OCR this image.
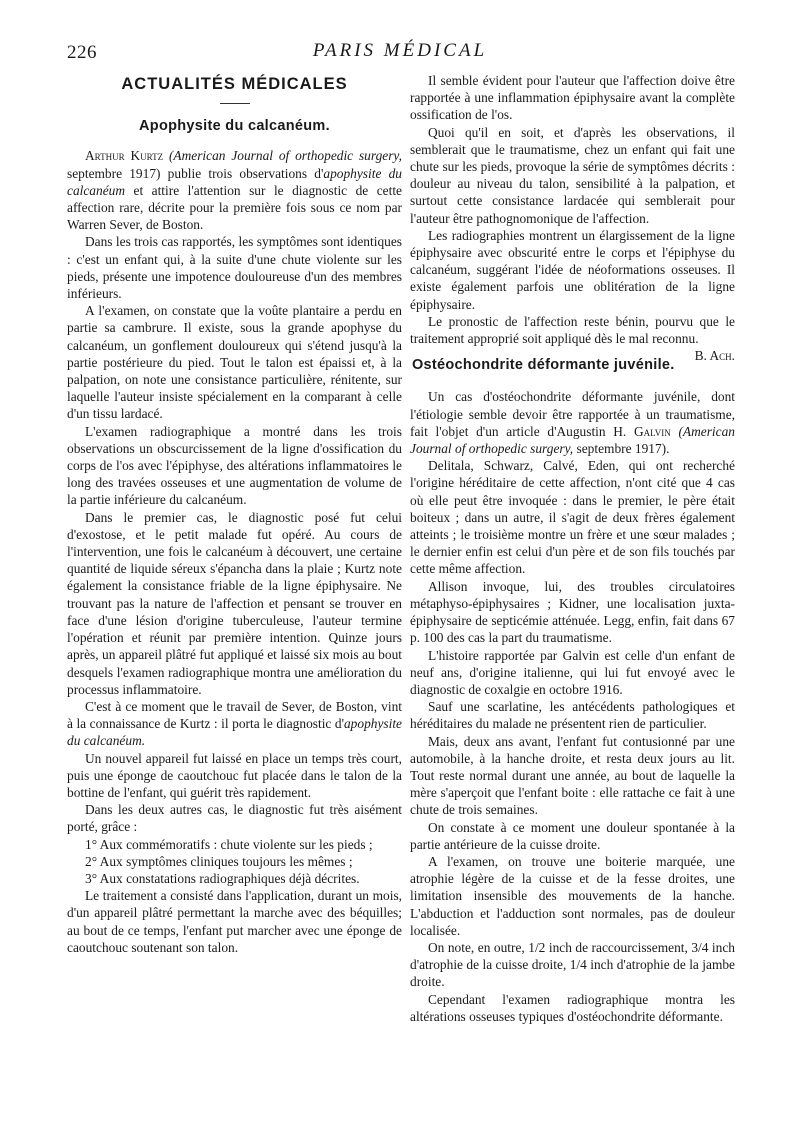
226	PARIS MÉDICAL
ACTUALITÉS MÉDICALES
Apophysite du calcanéum.

Arthur Kurtz (American Journal of orthopedic surgery, septembre 1917) publie trois observations d'apophysite du calcanéum et attire l'attention sur le diagnostic de cette affection rare, décrite pour la première fois sous ce nom par Warren Sever, de Boston.

Dans les trois cas rapportés, les symptômes sont identiques : c'est un enfant qui, à la suite d'une chute violente sur les pieds, présente une impotence douloureuse d'un des membres inférieurs.

A l'examen, on constate que la voûte plantaire a perdu en partie sa cambrure. Il existe, sous la grande apophyse du calcanéum, un gonflement douloureux qui s'étend jusqu'à la partie postérieure du pied. Tout le talon est épaissi et, à la palpation, on note une consistance particulière, rénitente, sur laquelle l'auteur insiste spécialement en la comparant à celle d'un tissu lardacé.

L'examen radiographique a montré dans les trois observations un obscurcissement de la ligne d'ossification du corps de l'os avec l'épiphyse, des altérations inflammatoires le long des travées osseuses et une augmentation de volume de la partie inférieure du calcanéum.

Dans le premier cas, le diagnostic posé fut celui d'exostose, et le petit malade fut opéré. Au cours de l'intervention, une fois le calcanéum à découvert, une certaine quantité de liquide séreux s'épancha dans la plaie ; Kurtz note également la consistance friable de la ligne épiphysaire. Ne trouvant pas la nature de l'affection et pensant se trouver en face d'une lésion d'origine tuberculeuse, l'auteur termine l'opération et réunit par première intention. Quinze jours après, un appareil plâtré fut appliqué et laissé six mois au bout desquels l'examen radiographique montra une amélioration du processus inflammatoire.

C'est à ce moment que le travail de Sever, de Boston, vint à la connaissance de Kurtz : il porta le diagnostic d'apophysite du calcanéum.

Un nouvel appareil fut laissé en place un temps très court, puis une éponge de caoutchouc fut placée dans le talon de la bottine de l'enfant, qui guérit très rapidement.

Dans les deux autres cas, le diagnostic fut très aisément porté, grâce :

1° Aux commémoratifs : chute violente sur les pieds ;

2° Aux symptômes cliniques toujours les mêmes ;

3° Aux constatations radiographiques déjà décrites.

Le traitement a consisté dans l'application, durant un mois, d'un appareil plâtré permettant la marche avec des béquilles; au bout de ce temps, l'enfant put marcher avec une éponge de caoutchouc soutenant son talon.

Il semble évident pour l'auteur que l'affection doive être rapportée à une inflammation épiphysaire avant la complète ossification de l'os.

Quoi qu'il en soit, et d'après les observations, il semblerait que le traumatisme, chez un enfant qui fait une chute sur les pieds, provoque la série de symptômes décrits : douleur au niveau du talon, sensibilité à la palpation, et surtout cette consistance lardacée qui semblerait pour l'auteur être pathognomonique de l'affection.

Les radiographies montrent un élargissement de la ligne épiphysaire avec obscurité entre le corps et l'épiphyse du calcanéum, suggérant l'idée de néoformations osseuses. Il existe également parfois une oblitération de la ligne épiphysaire.

Le pronostic de l'affection reste bénin, pourvu que le traitement approprié soit appliqué dès le mal reconnu.
B. Ach.

Ostéochondrite déformante juvénile.

Un cas d'ostéochondrite déformante juvénile, dont l'étiologie semble devoir être rapportée à un traumatisme, fait l'objet d'un article d'Augustin H. Galvin (American Journal of orthopedic surgery, septembre 1917).

Delitala, Schwarz, Calvé, Eden, qui ont recherché l'origine héréditaire de cette affection, n'ont cité que 4 cas où elle peut être invoquée : dans le premier, le père était boiteux ; dans un autre, il s'agit de deux frères également atteints ; le troisième montre un frère et une sœur malades ; le dernier enfin est celui d'un père et de son fils touchés par cette même affection.

Allison invoque, lui, des troubles circulatoires métaphyso-épiphysaires ; Kidner, une localisation juxta-épiphysaire de septicémie atténuée. Legg, enfin, fait dans 67 p. 100 des cas la part du traumatisme.

L'histoire rapportée par Galvin est celle d'un enfant de neuf ans, d'origine italienne, qui lui fut envoyé avec le diagnostic de coxalgie en octobre 1916.

Sauf une scarlatine, les antécédents pathologiques et héréditaires du malade ne présentent rien de particulier.

Mais, deux ans avant, l'enfant fut contusionné par une automobile, à la hanche droite, et resta deux jours au lit. Tout reste normal durant une année, au bout de laquelle la mère s'aperçoit que l'enfant boite : elle rattache ce fait à une chute de trois semaines.

On constate à ce moment une douleur spontanée à la partie antérieure de la cuisse droite.

A l'examen, on trouve une boiterie marquée, une atrophie légère de la cuisse et de la fesse droites, une limitation insensible des mouvements de la hanche. L'abduction et l'adduction sont normales, pas de douleur localisée.

On note, en outre, 1/2 inch de raccourcissement, 3/4 inch d'atrophie de la cuisse droite, 1/4 inch d'atrophie de la jambe droite.

Cependant l'examen radiographique montra les altérations osseuses typiques d'ostéochondrite déformante.
